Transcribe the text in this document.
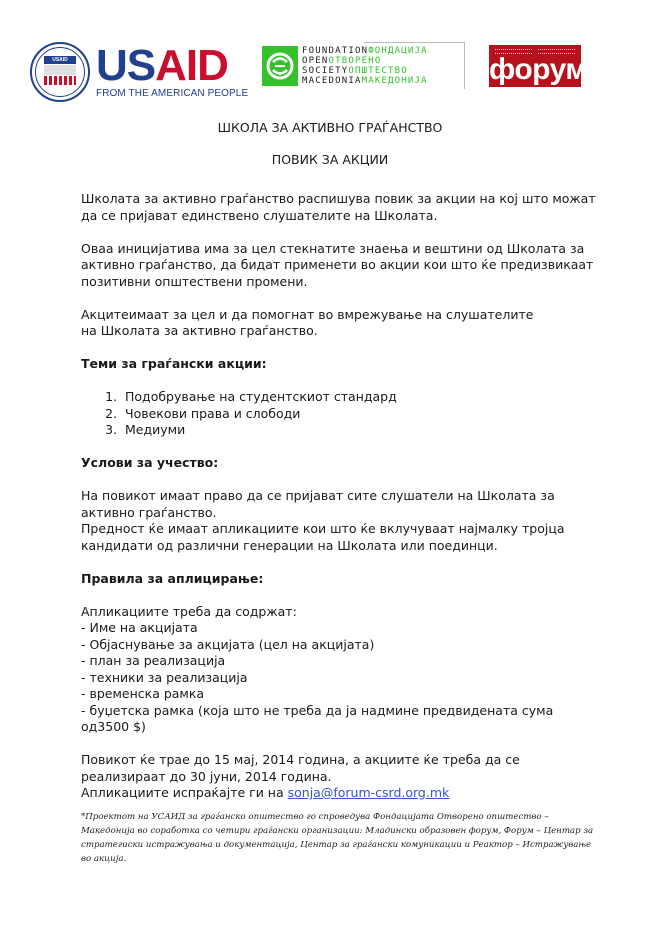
USAID USAID
FROM THE AMERICAN PEOPLE
FOUNDATIONФОНДАЦИЈА
OPENОТВОРЕНО
SOCIETYОПШТЕСТВО
MACEDONIAМАКЕДОНИЈА форум
ШКОЛА ЗА АКТИВНО ГРАЃАНСТВО
ПОВИК ЗА АКЦИИ

Школата за активно граѓанство распишува повик за акции на кој што можат да се пријават единствено слушателите на Школата.

Оваа иницијатива има за цел стекнатите знаења и вештини од Школата за активно граѓанство, да бидат применети во акции кои што ќе предизвикаат позитивни општествени промени.

Акцитеимаат за цел и да помогнат во вмрежување на слушателите

на Школата за активно граѓанство.

Теми за граѓански акции:

1. Подобрување на студентскиот стандард
2. Човекови права и слободи
3. Медиуми

Услови за учество:

На повикот имаат право да се пријават сите слушатели на Школата за активно граѓанство.

Предност ќе имаат апликациите кои што ќе вклучуваат најмалку тројца кандидати од различни генерации на Школата или поединци.

Правила за аплицирање:

Апликациите треба да содржат:

- Име на акцијата

- Објаснување за акцијата (цел на акцијата)

- план за реализација

- техники за реализација

- временска рамка

- буџетска рамка (која што не треба да ја надмине предвидената сума од3500 $)

Повикот ќе трае до 15 мај, 2014 година, а акциите ќе треба да се реализираат до 30 јуни, 2014 година.

Апликациите испраќајте ги на sonja@forum-csrd.org.mk

*Проектот на УСАИД за граѓанско општество го спроведува Фондацијата Отворено општество – Македонија во соработка со четири граѓански организации: Младински образовен форум, Форум – Центар за стратегиски истражувања и документација, Центар за граѓански комуникации и Реактор – Истражување во акција.
